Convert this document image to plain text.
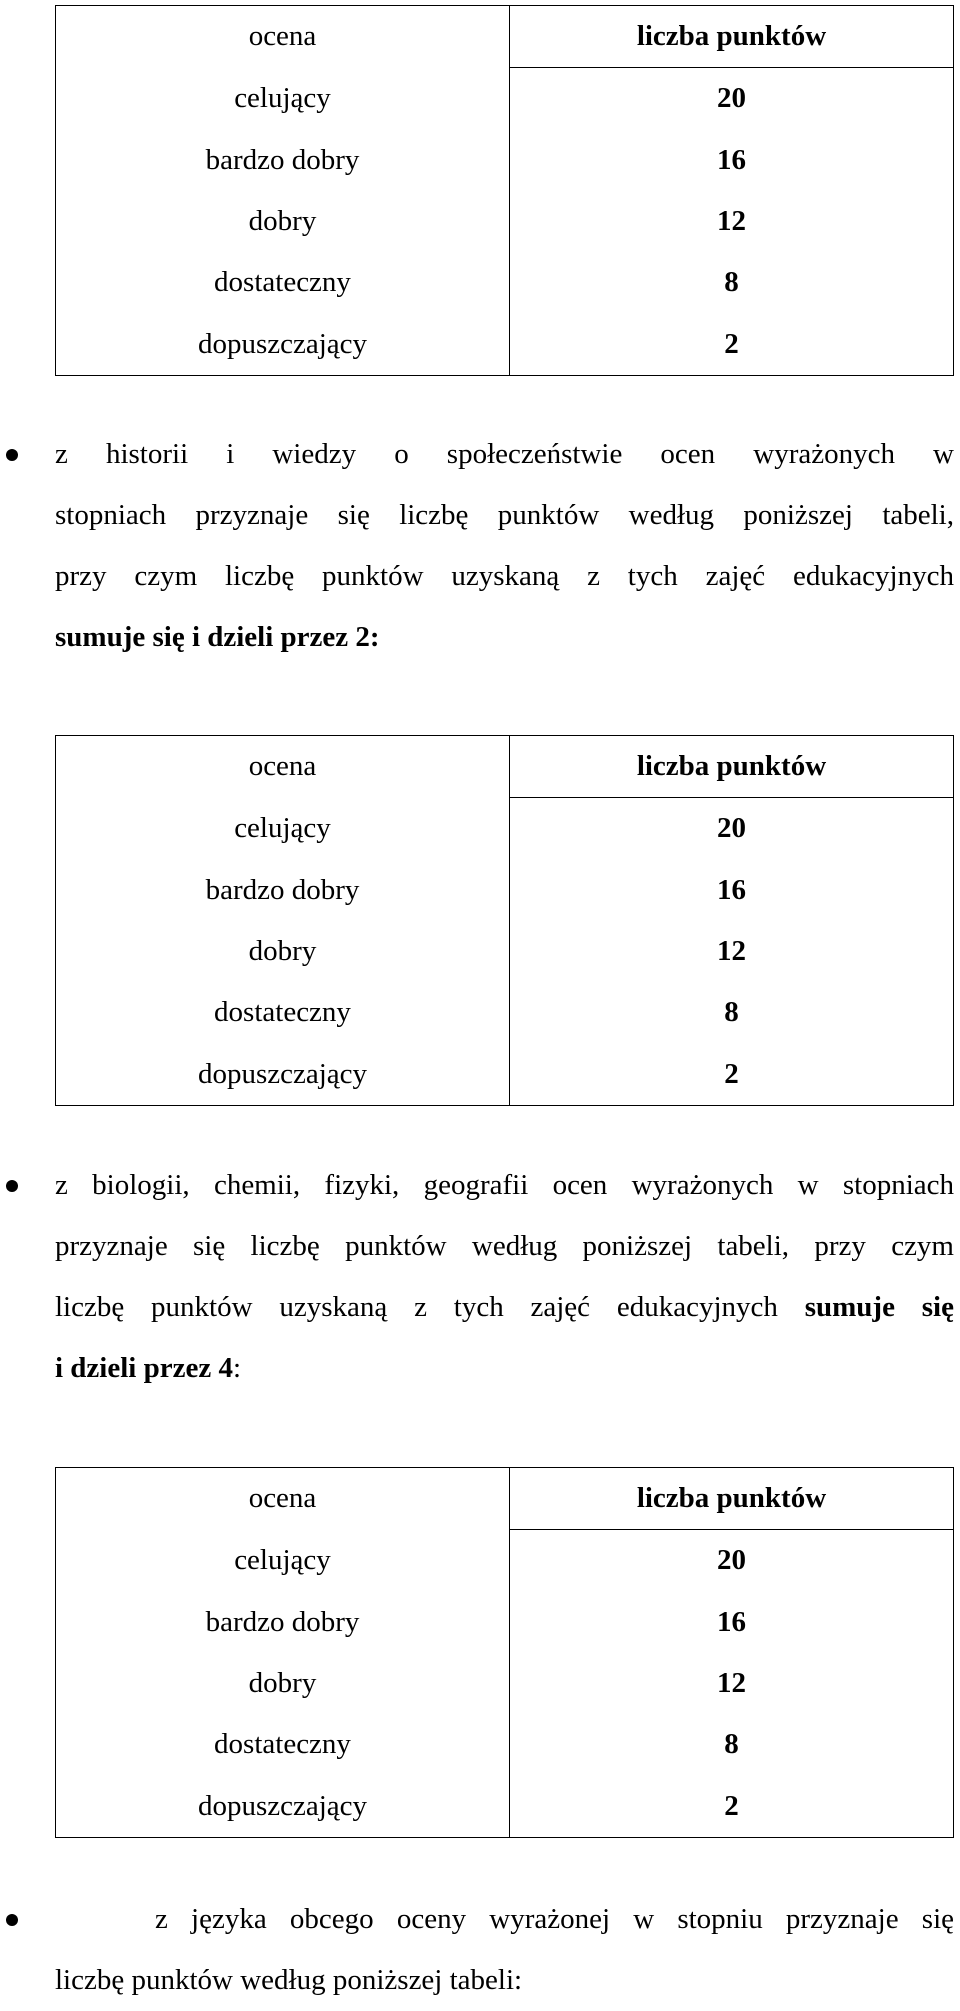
ocena	liczba punktów
celujący	20
bardzo dobry	16
dobry	12
dostateczny	8
dopuszczający	2

z historii i wiedzy o społeczeństwie ocen wyrażonych w
stopniach przyznaje się liczbę punktów według poniższej tabeli,
przy czym liczbę punktów uzyskaną z tych zajęć edukacyjnych
sumuje się i dzieli przez 2:

ocena	liczba punktów
celujący	20
bardzo dobry	16
dobry	12
dostateczny	8
dopuszczający	2

z biologii, chemii, fizyki, geografii ocen wyrażonych w stopniach
przyznaje się liczbę punktów według poniższej tabeli, przy czym
liczbę punktów uzyskaną z tych zajęć edukacyjnych sumuje się
i dzieli przez 4:

ocena	liczba punktów
celujący	20
bardzo dobry	16
dobry	12
dostateczny	8
dopuszczający	2

z języka obcego oceny wyrażonej w stopniu przyznaje się
liczbę punktów według poniższej tabeli:
